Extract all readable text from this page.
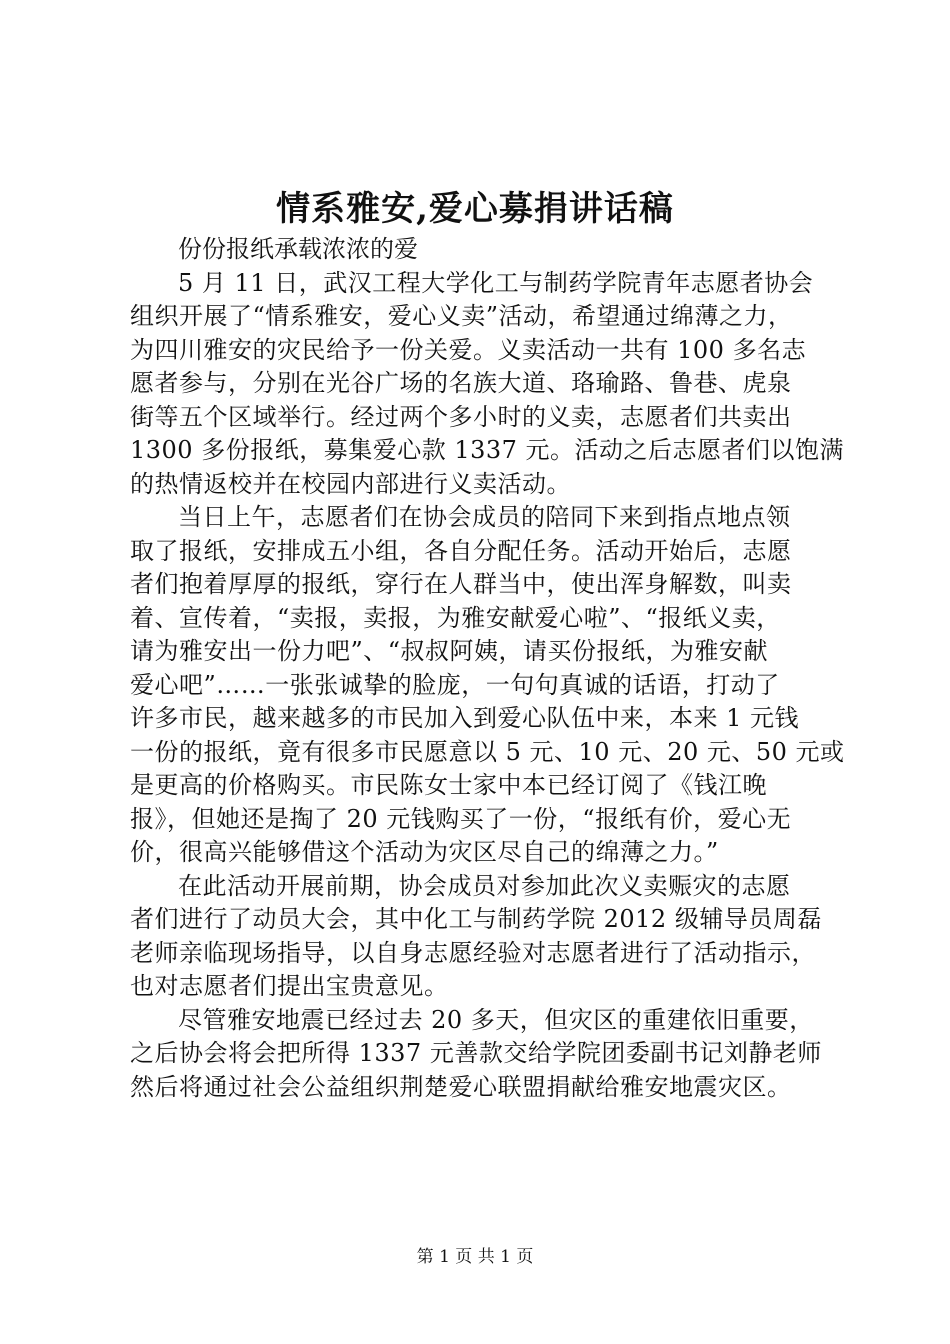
情系雅安,爱心募捐讲话稿

份份报纸承载浓浓的爱

5 月 11 日，武汉工程大学化工与制药学院青年志愿者协会
组织开展了“情系雅安，爱心义卖”活动，希望通过绵薄之力，
为四川雅安的灾民给予一份关爱。义卖活动一共有 100 多名志
愿者参与，分别在光谷广场的名族大道、珞瑜路、鲁巷、虎泉
街等五个区域举行。经过两个多小时的义卖，志愿者们共卖出
1300 多份报纸，募集爱心款 1337 元。活动之后志愿者们以饱满
的热情返校并在校园内部进行义卖活动。

当日上午，志愿者们在协会成员的陪同下来到指点地点领
取了报纸，安排成五小组，各自分配任务。活动开始后，志愿
者们抱着厚厚的报纸，穿行在人群当中，使出浑身解数，叫卖
着、宣传着，“卖报，卖报，为雅安献爱心啦”、“报纸义卖，
请为雅安出一份力吧”、“叔叔阿姨，请买份报纸，为雅安献
爱心吧”……一张张诚挚的脸庞，一句句真诚的话语，打动了
许多市民，越来越多的市民加入到爱心队伍中来，本来 1 元钱
一份的报纸，竟有很多市民愿意以 5 元、10 元、20 元、50 元或
是更高的价格购买。市民陈女士家中本已经订阅了《钱江晚
报》，但她还是掏了 20 元钱购买了一份，“报纸有价，爱心无
价，很高兴能够借这个活动为灾区尽自己的绵薄之力。”

在此活动开展前期，协会成员对参加此次义卖赈灾的志愿
者们进行了动员大会，其中化工与制药学院 2012 级辅导员周磊
老师亲临现场指导，以自身志愿经验对志愿者进行了活动指示，
也对志愿者们提出宝贵意见。

尽管雅安地震已经过去 20 多天，但灾区的重建依旧重要，
之后协会将会把所得 1337 元善款交给学院团委副书记刘静老师
然后将通过社会公益组织荆楚爱心联盟捐献给雅安地震灾区。

第 1 页 共 1 页
